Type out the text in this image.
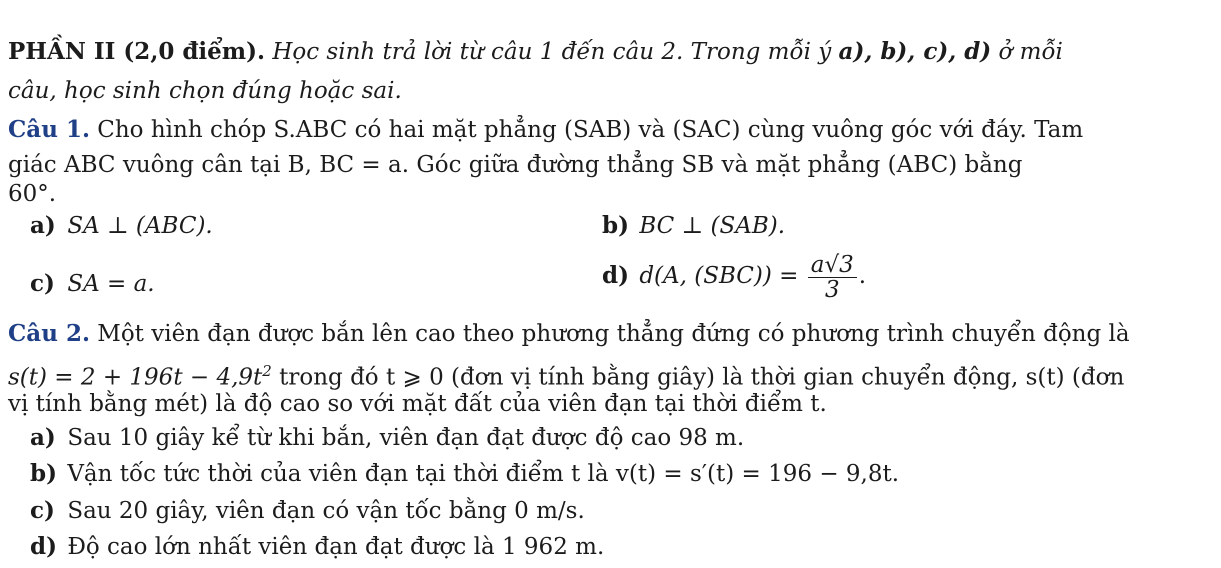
PHẦN II (2,0 điểm). Học sinh trả lời từ câu 1 đến câu 2. Trong mỗi ý a), b), c), d) ở mỗi
câu, học sinh chọn đúng hoặc sai.
Câu 1. Cho hình chóp S.ABC có hai mặt phẳng (SAB) và (SAC) cùng vuông góc với đáy. Tam
giác ABC vuông cân tại B, BC = a. Góc giữa đường thẳng SB và mặt phẳng (ABC) bằng
60°.
a) SA ⊥ (ABC).	b) BC ⊥ (SAB).
c) SA = a.	d) d(A, $(SBC)) = \frac{a√3}{3}$ .
Câu 2. Một viên đạn được bắn lên cao theo phương thẳng đứng có phương trình chuyển động là
$s(t) = 2 + 196t - 4,9t^2$ trong đó t ⩾ 0 (đơn vị tính bằng giây) là thời gian chuyển động, s(t) (đơn
vị tính bằng mét) là độ cao so với mặt đất của viên đạn tại thời điểm t.
a) Sau 10 giây kể từ khi bắn, viên đạn đạt được độ cao 98 m.
b) Vận tốc tức thời của viên đạn tại thời điểm t là v(t) = s′(t) = 196 − 9,8t.
c) Sau 20 giây, viên đạn có vận tốc bằng 0 m/s.
d) Độ cao lớn nhất viên đạn đạt được là 1 962 m.
